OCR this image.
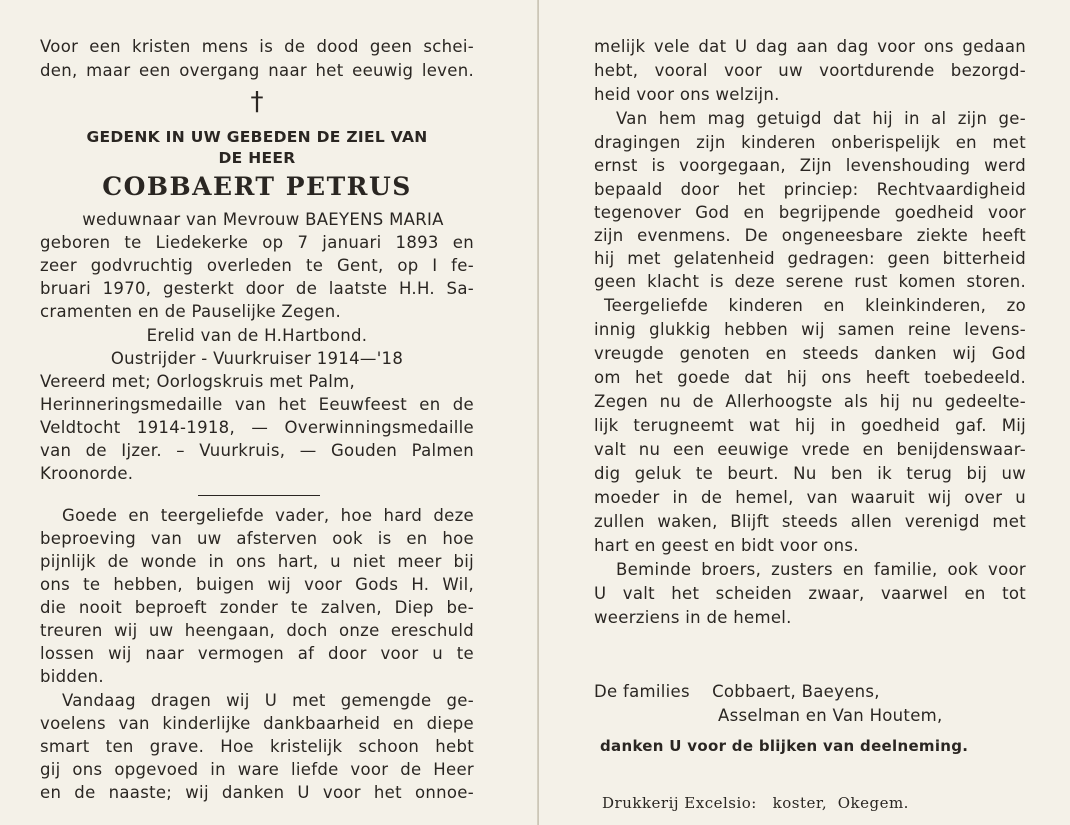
Voor een kristen mens is de dood geen schei-
den, maar een overgang naar het eeuwig leven.
†
GEDENK IN UW GEBEDEN DE ZIEL VAN
DE HEER
COBBAERT PETRUS
weduwnaar van Mevrouw BAEYENS MARIA
geboren te Liedekerke op 7 januari 1893 en
zeer godvruchtig overleden te Gent, op I fe-
bruari 1970, gesterkt door de laatste H.H. Sa-
cramenten en de Pauselijke Zegen.
Erelid van de H.Hartbond.
Oustrijder - Vuurkruiser 1914—'18
Vereerd met; Oorlogskruis met Palm,
Herinneringsmedaille van het Eeuwfeest en de
Veldtocht 1914-1918, — Overwinningsmedaille
van de Ijzer. – Vuurkruis, — Gouden Palmen
Kroonorde.
Goede en teergeliefde vader, hoe hard deze
beproeving van uw afsterven ook is en hoe
pijnlijk de wonde in ons hart, u niet meer bij
ons te hebben, buigen wij voor Gods H. Wil,
die nooit beproeft zonder te zalven, Diep be-
treuren wij uw heengaan, doch onze ereschuld
lossen wij naar vermogen af door voor u te
bidden.
Vandaag dragen wij U met gemengde ge-
voelens van kinderlijke dankbaarheid en diepe
smart ten grave. Hoe kristelijk schoon hebt
gij ons opgevoed in ware liefde voor de Heer
en de naaste; wij danken U voor het onnoe-
melijk vele dat U dag aan dag voor ons gedaan
hebt, vooral voor uw voortdurende bezorgd-
heid voor ons welzijn.
Van hem mag getuigd dat hij in al zijn ge-
dragingen zijn kinderen onberispelijk en met
ernst is voorgegaan, Zijn levenshouding werd
bepaald door het princiep: Rechtvaardigheid
tegenover God en begrijpende goedheid voor
zijn evenmens. De ongeneesbare ziekte heeft
hij met gelatenheid gedragen: geen bitterheid
geen klacht is deze serene rust komen storen.
Teergeliefde kinderen en kleinkinderen, zo
innig glukkig hebben wij samen reine levens-
vreugde genoten en steeds danken wij God
om het goede dat hij ons heeft toebedeeld.
Zegen nu de Allerhoogste als hij nu gedeelte-
lijk terugneemt wat hij in goedheid gaf. Mij
valt nu een eeuwige vrede en benijdenswaar-
dig geluk te beurt. Nu ben ik terug bij uw
moeder in de hemel, van waaruit wij over u
zullen waken, Blijft steeds allen verenigd met
hart en geest en bidt voor ons.
Beminde broers, zusters en familie, ook voor
U valt het scheiden zwaar, vaarwel en tot
weerziens in de hemel.
De families    Cobbaert, Baeyens,
Asselman en Van Houtem,
danken U voor de blijken van deelneming.
Drukkerij Excelsio:   koster,  Okegem.
